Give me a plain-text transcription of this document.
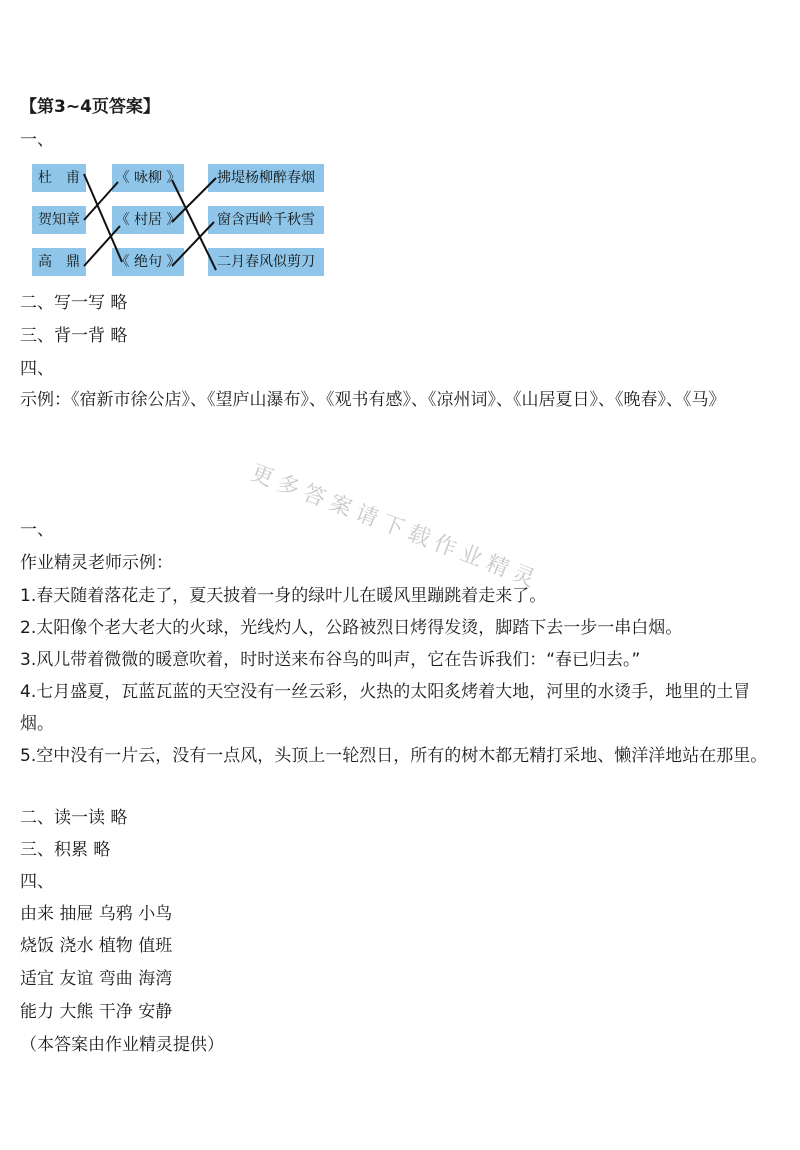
【第3~4页答案】
一、
杜　甫
贺知章
高　鼎
《 咏柳 》
《 村居 》
《 绝句 》
拂堤杨柳醉春烟
窗含西岭千秋雪
二月春风似剪刀
二、写一写 略
三、背一背 略
四、
示例：《宿新市徐公店》、《望庐山瀑布》、《观书有感》、《凉州词》、《山居夏日》、《晚春》、《马》
更多答案请下载作业精灵
一、
作业精灵老师示例：
1.春天随着落花走了，夏天披着一身的绿叶儿在暖风里蹦跳着走来了。
2.太阳像个老大老大的火球，光线灼人，公路被烈日烤得发烫，脚踏下去一步一串白烟。
3.风儿带着微微的暖意吹着，时时送来布谷鸟的叫声，它在告诉我们：“春已归去。”
4.七月盛夏，瓦蓝瓦蓝的天空没有一丝云彩，火热的太阳炙烤着大地，河里的水烫手，地里的土冒烟。
5.空中没有一片云，没有一点风，头顶上一轮烈日，所有的树木都无精打采地、懒洋洋地站在那里。
二、读一读 略
三、积累 略
四、
由来 抽屉 乌鸦 小鸟
烧饭 浇水 植物 值班
适宜 友谊 弯曲 海湾
能力 大熊 干净 安静
（本答案由作业精灵提供）
